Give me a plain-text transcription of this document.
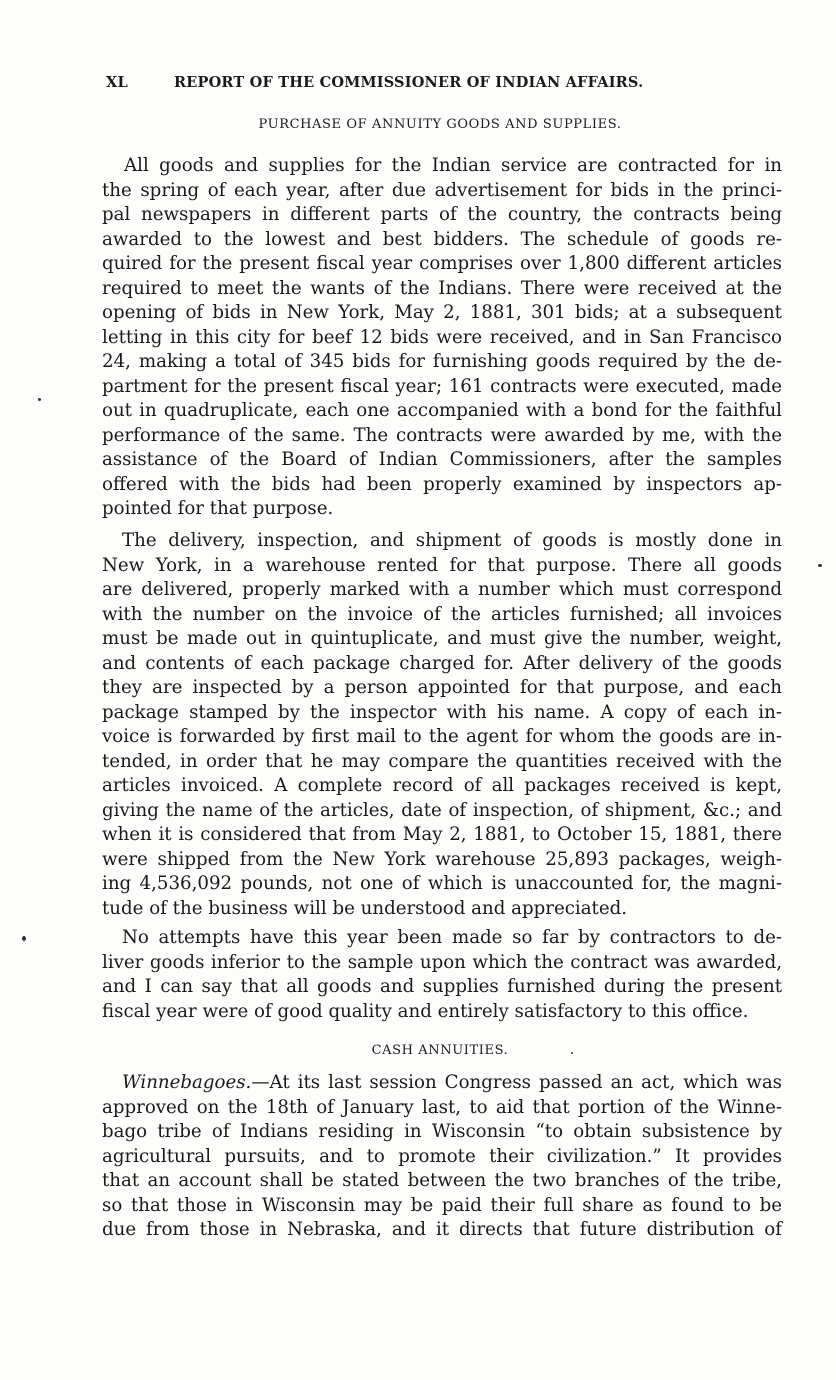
XL	REPORT OF THE COMMISSIONER OF INDIAN AFFAIRS.
PURCHASE OF ANNUITY GOODS AND SUPPLIES.

All goods and supplies for the Indian service are contracted for in
the spring of each year, after due advertisement for bids in the princi-
pal newspapers in different parts of the country, the contracts being
awarded to the lowest and best bidders. The schedule of goods re-
quired for the present fiscal year comprises over 1,800 different articles
required to meet the wants of the Indians. There were received at the
opening of bids in New York, May 2, 1881, 301 bids; at a subsequent
letting in this city for beef 12 bids were received, and in San Francisco
24, making a total of 345 bids for furnishing goods required by the de-
partment for the present fiscal year; 161 contracts were executed, made
out in quadruplicate, each one accompanied with a bond for the faithful
performance of the same. The contracts were awarded by me, with the
assistance of the Board of Indian Commissioners, after the samples
offered with the bids had been properly examined by inspectors ap-
pointed for that purpose.

The delivery, inspection, and shipment of goods is mostly done in
New York, in a warehouse rented for that purpose. There all goods
are delivered, properly marked with a number which must correspond
with the number on the invoice of the articles furnished; all invoices
must be made out in quintuplicate, and must give the number, weight,
and contents of each package charged for. After delivery of the goods
they are inspected by a person appointed for that purpose, and each
package stamped by the inspector with his name. A copy of each in-
voice is forwarded by first mail to the agent for whom the goods are in-
tended, in order that he may compare the quantities received with the
articles invoiced. A complete record of all packages received is kept,
giving the name of the articles, date of inspection, of shipment, &c.; and
when it is considered that from May 2, 1881, to October 15, 1881, there
were shipped from the New York warehouse 25,893 packages, weigh-
ing 4,536,092 pounds, not one of which is unaccounted for, the magni-
tude of the business will be understood and appreciated.

No attempts have this year been made so far by contractors to de-
liver goods inferior to the sample upon which the contract was awarded,
and I can say that all goods and supplies furnished during the present
fiscal year were of good quality and entirely satisfactory to this office.

CASH ANNUITIES.

Winnebagoes.—At its last session Congress passed an act, which was
approved on the 18th of January last, to aid that portion of the Winne-
bago tribe of Indians residing in Wisconsin “to obtain subsistence by
agricultural pursuits, and to promote their civilization.” It provides
that an account shall be stated between the two branches of the tribe,
so that those in Wisconsin may be paid their full share as found to be
due from those in Nebraska, and it directs that future distribution of
